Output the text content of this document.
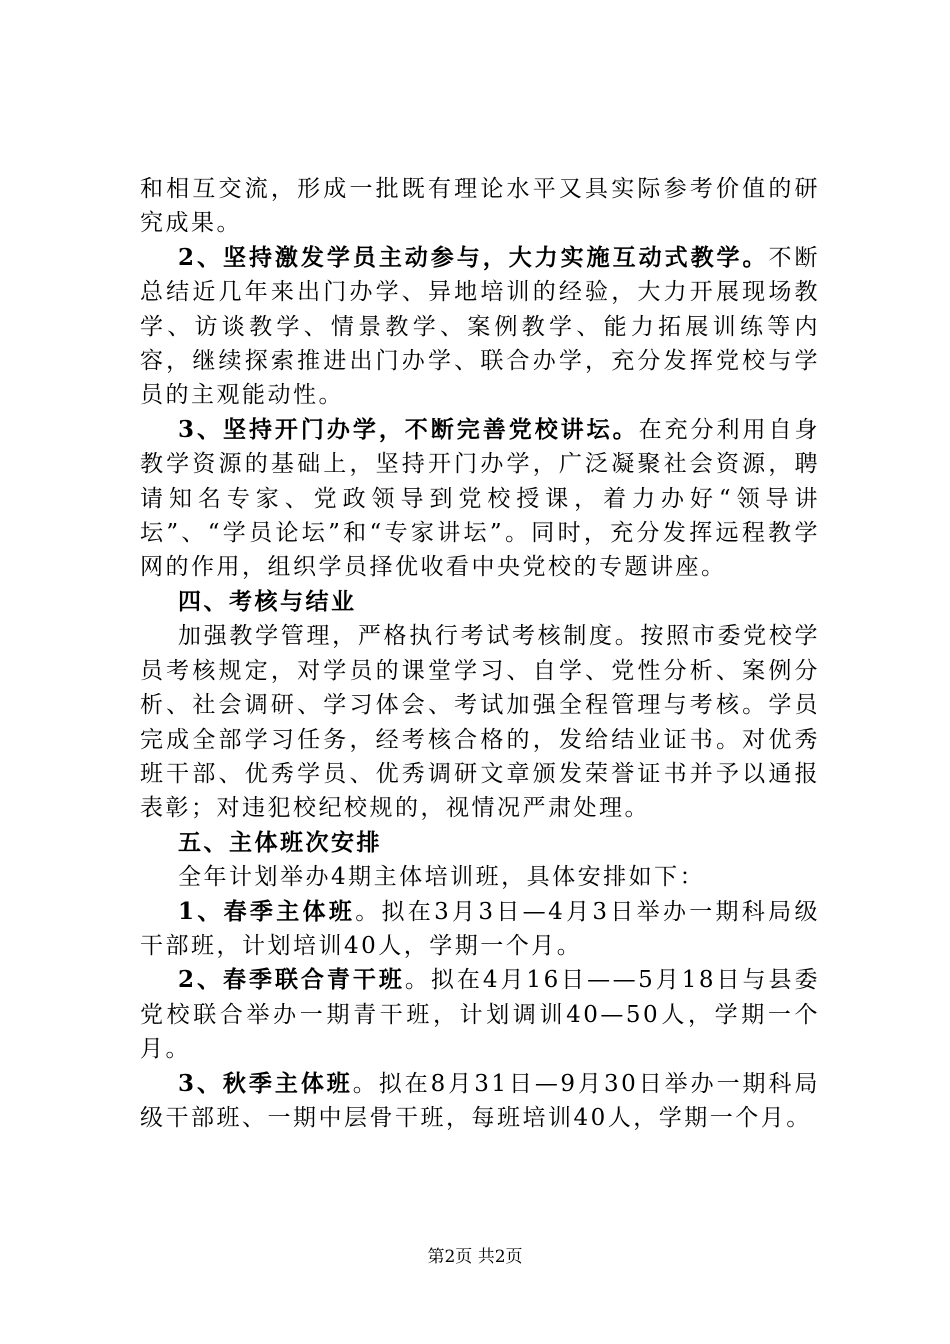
和相互交流，形成一批既有理论水平又具实际参考价值的研究成果。

2、坚持激发学员主动参与，大力实施互动式教学。不断总结近几年来出门办学、异地培训的经验，大力开展现场教学、访谈教学、情景教学、案例教学、能力拓展训练等内容，继续探索推进出门办学、联合办学，充分发挥党校与学员的主观能动性。

3、坚持开门办学，不断完善党校讲坛。在充分利用自身教学资源的基础上，坚持开门办学，广泛凝聚社会资源，聘请知名专家、党政领导到党校授课，着力办好“领导讲坛”、“学员论坛”和“专家讲坛”。同时，充分发挥远程教学网的作用，组织学员择优收看中央党校的专题讲座。

四、考核与结业

加强教学管理，严格执行考试考核制度。按照市委党校学员考核规定，对学员的课堂学习、自学、党性分析、案例分析、社会调研、学习体会、考试加强全程管理与考核。学员完成全部学习任务，经考核合格的，发给结业证书。对优秀班干部、优秀学员、优秀调研文章颁发荣誉证书并予以通报表彰；对违犯校纪校规的，视情况严肃处理。

五、主体班次安排

全年计划举办4期主体培训班，具体安排如下：

1、春季主体班。拟在3月3日—4月3日举办一期科局级干部班，计划培训40人，学期一个月。

2、春季联合青干班。拟在4月16日——5月18日与县委党校联合举办一期青干班，计划调训40—50人，学期一个月。

3、秋季主体班。拟在8月31日—9月30日举办一期科局级干部班、一期中层骨干班，每班培训40人，学期一个月。

第2页 共2页
